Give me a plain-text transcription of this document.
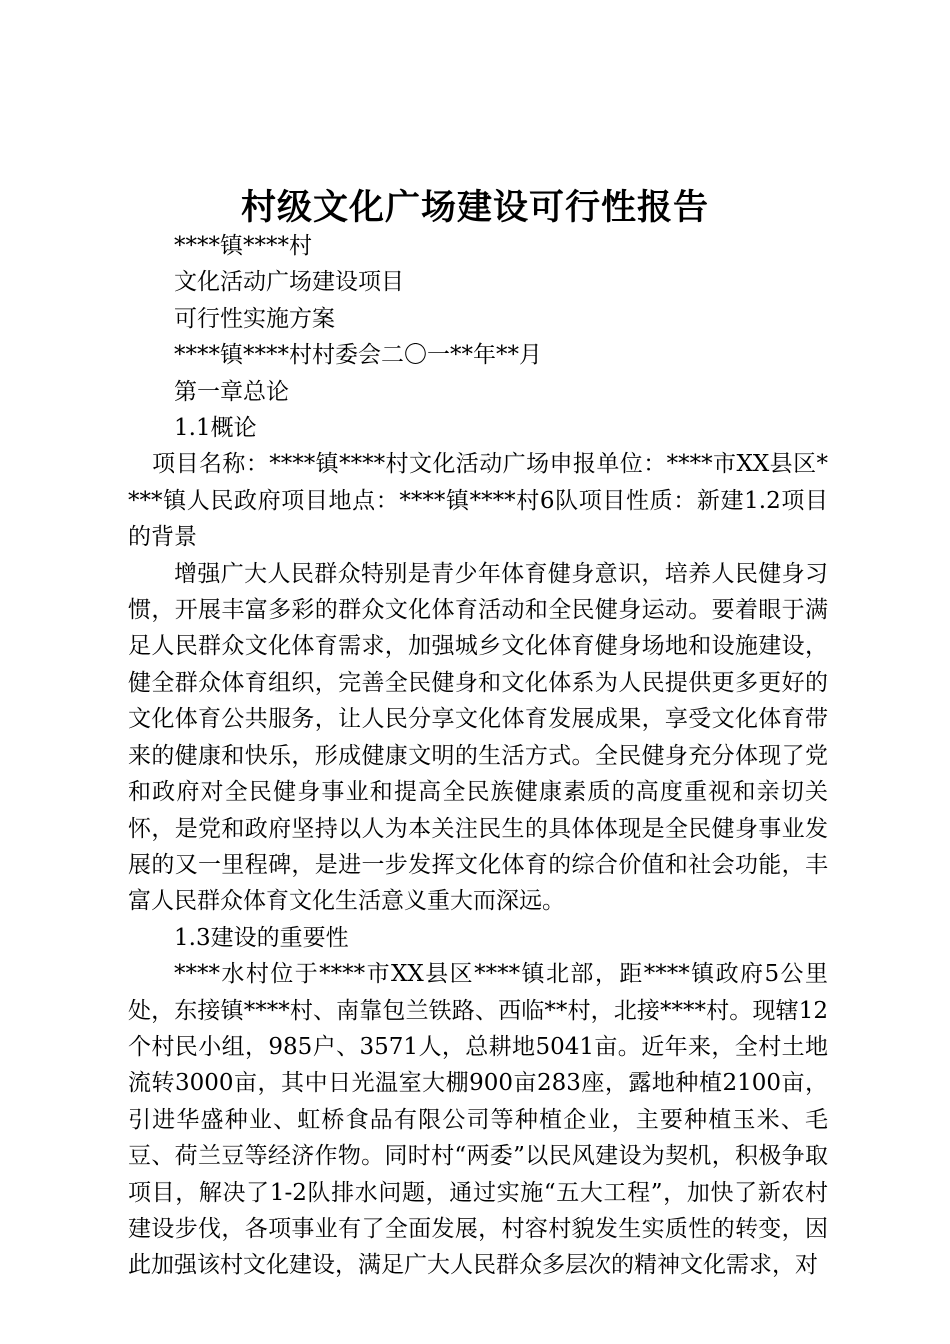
村级文化广场建设可行性报告

****镇****村

文化活动广场建设项目

可行性实施方案

****镇****村村委会二〇一**年**月

第一章总论

1.1概论

项目名称：****镇****村文化活动广场申报单位：****市XX县区****镇人民政府项目地点：****镇****村6队项目性质：新建1.2项目的背景

增强广大人民群众特别是青少年体育健身意识，培养人民健身习惯，开展丰富多彩的群众文化体育活动和全民健身运动。要着眼于满足人民群众文化体育需求，加强城乡文化体育健身场地和设施建设，健全群众体育组织，完善全民健身和文化体系为人民提供更多更好的文化体育公共服务，让人民分享文化体育发展成果，享受文化体育带来的健康和快乐，形成健康文明的生活方式。全民健身充分体现了党和政府对全民健身事业和提高全民族健康素质的高度重视和亲切关怀，是党和政府坚持以人为本关注民生的具体体现是全民健身事业发展的又一里程碑，是进一步发挥文化体育的综合价值和社会功能，丰富人民群众体育文化生活意义重大而深远。

1.3建设的重要性

****水村位于****市XX县区****镇北部，距****镇政府5公里处，东接镇****村、南靠包兰铁路、西临**村，北接****村。现辖12个村民小组，985户、3571人，总耕地5041亩。近年来，全村土地流转3000亩，其中日光温室大棚900亩283座，露地种植2100亩，引进华盛种业、虹桥食品有限公司等种植企业，主要种植玉米、毛豆、荷兰豆等经济作物。同时村“两委”以民风建设为契机，积极争取项目，解决了1-2队排水问题，通过实施“五大工程”，加快了新农村建设步伐，各项事业有了全面发展，村容村貌发生实质性的转变，因此加强该村文化建设，满足广大人民群众多层次的精神文化需求，对
